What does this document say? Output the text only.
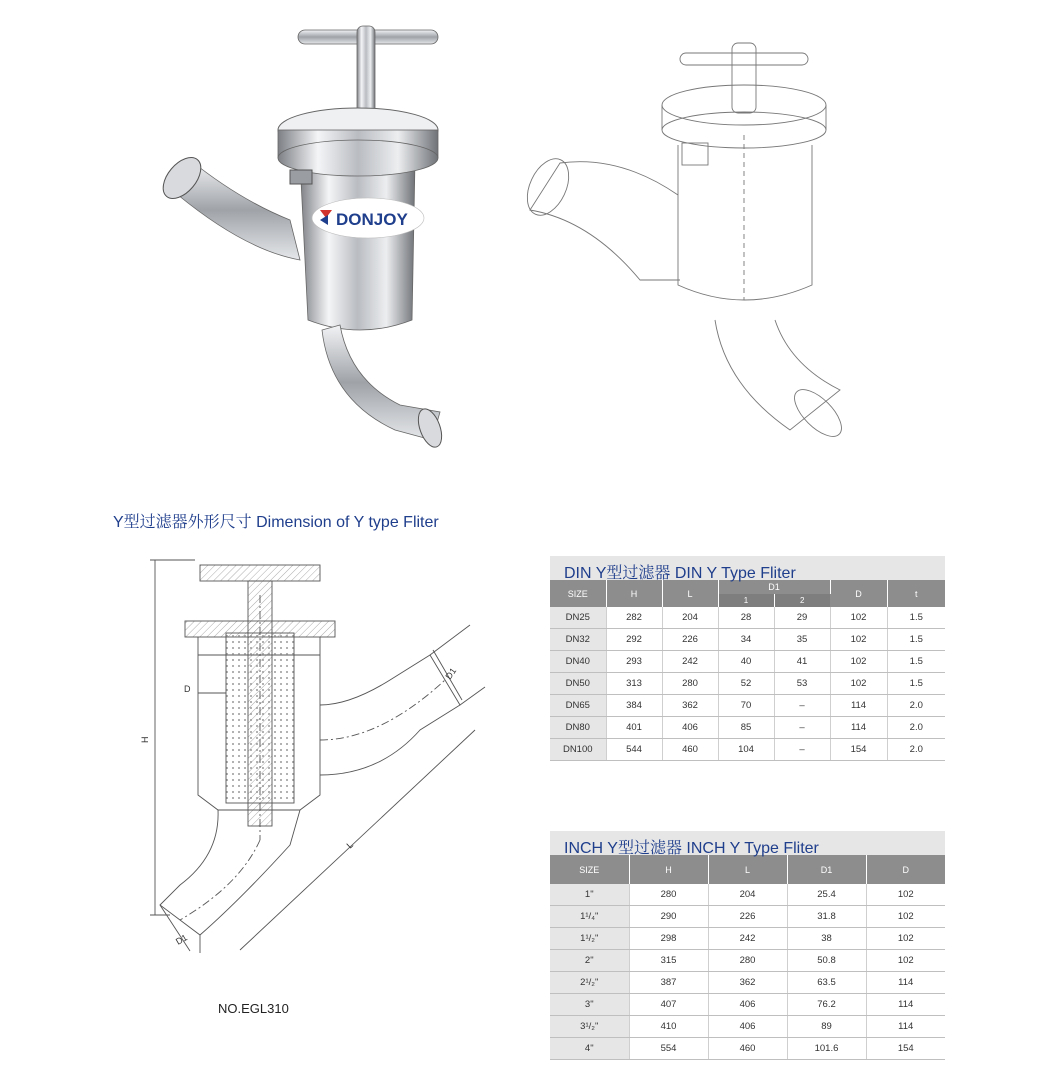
DONJOY
Y型过滤器外形尺寸 Dimension of Y type Fliter
D
H
L
D1
D1
NO.EGL310
DIN Y型过滤器 DIN Y Type Fliter
SIZE	H	L	D1		D	t
			1	2		
DN25	282	204	28	29	102	1.5
DN32	292	226	34	35	102	1.5
DN40	293	242	40	41	102	1.5
DN50	313	280	52	53	102	1.5
DN65	384	362	70	–	114	2.0
DN80	401	406	85	–	114	2.0
DN100	544	460	104	–	154	2.0
INCH Y型过滤器 INCH Y Type Fliter
SIZE	H	L	D1	D
1"	280	204	25.4	102
1¹/₄"	290	226	31.8	102
1¹/₂"	298	242	38	102
2"	315	280	50.8	102
2¹/₂"	387	362	63.5	114
3"	407	406	76.2	114
3¹/₂"	410	406	89	114
4"	554	460	101.6	154
